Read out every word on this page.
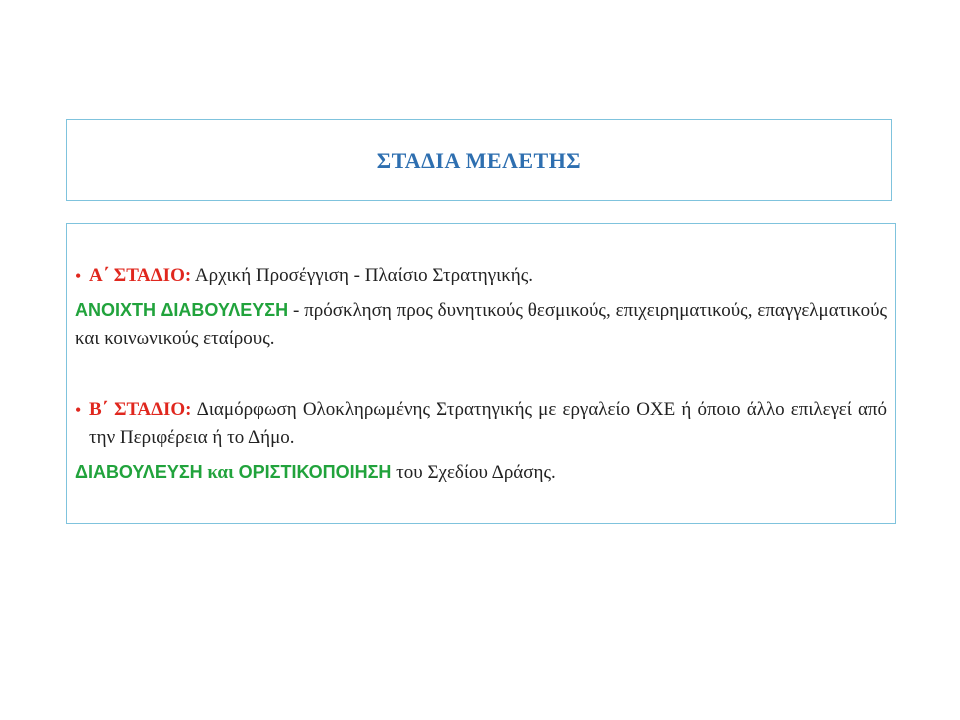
ΣΤΑΔΙΑ ΜΕΛΕΤΗΣ
• Α΄ ΣΤΑΔΙΟ: Αρχική Προσέγγιση - Πλαίσιο Στρατηγικής.
ΑΝΟΙΧΤΗ ΔΙΑΒΟΥΛΕΥΣΗ - πρόσκληση προς δυνητικούς θεσμικούς, επιχειρηματικούς, επαγγελματικούς και κοινωνικούς εταίρους.
• Β΄ ΣΤΑΔΙΟ: Διαμόρφωση Ολοκληρωμένης Στρατηγικής με εργαλείο ΟΧΕ ή όποιο άλλο επιλεγεί από την Περιφέρεια ή το Δήμο.
ΔΙΑΒΟΥΛΕΥΣΗ και ΟΡΙΣΤΙΚΟΠΟΙΗΣΗ του Σχεδίου Δράσης.
